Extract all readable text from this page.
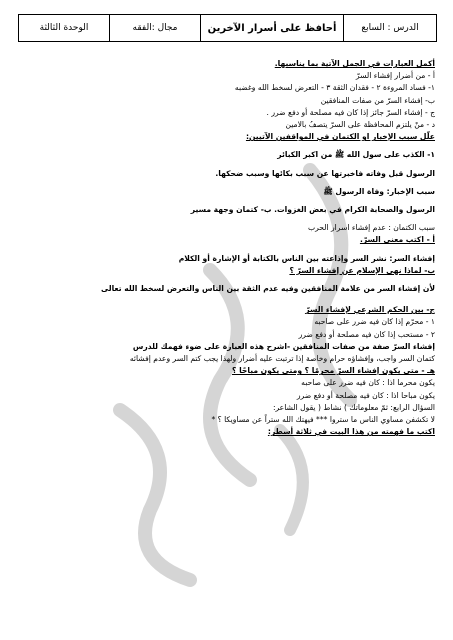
الدرس : السابع
أحافظ على أسرار الآخرين
مجال :الفقه
الوحدة الثالثة
أكمل العبارات في الجمل الآتية بما يناسبها.
أ - من أضرار إفشاء السرّ
١- فساد المروءة ٢ - فقدان الثقة ٣ - التعرض لسخط الله وغضبه
ب- إفشاء السرّ من صفات المنافقين
ج - إفشاء السرّ جائز إذا كان فيه مصلحة أو دفع ضرر .
د - منْ يلتزم المحافظة على السرّ يتصفُ بالامين
علّل سبب الإخبار او الكتمان في المواقفين الآتيين:
١- الكذب على سول الله ﷺ من اكبر الكبائر
الرسول قبل وفاته فاخبرتها عن سبب بكائها وسبب ضحكها.
سبب الإخبار: وفاة الرسول ﷺ
الرسول والصحابة الكرام في بعض الغزوات. ب- كتمان وجهة مسير
سبب الكتمان : عدم إفشاء اسرار الحرب
أ - اكتب معنى السرّ.
إفشاء السر: نشر السر وإذاعته بين الناس بالكتابة أو الإشارة أو الكلام
ب- لماذا نهى الإسلام عن إفشاء السرّ ؟
لأن إفشاء السر من علامة المنافقين وفيه عدم الثقة بين الناس والتعرض لسخط الله تعالى
ج- بين الحكم الشرعي لإفشاء السرّ
١ - محرّم إذا كان فيه ضرر على صاحبه
٢ - مستحب إذا كان فيه مصلحة أو دفع ضرر
إفشاء السرّ صفة من صفات المنافقين -اشرح هذه العبارة على ضوء فهمك للدرس
كتمان السر واجب، وإفشاؤه حرام وخاصة إذا ترتبت عليه أضرار ولهذا يجب كتم السر وعدم إفشائه
هـ - متى يكون إفشاء السرّ محرمًا ؟ ومتى يكون مباحًا ؟
يكون محرما اذا : كان فيه ضرر على صاحبه
يكون مباحا اذا : كان فيه مصلحة أو دفع ضرر
السؤال الرابع: ثمّ معلوماتك ) نشاط ( يقول الشاعر:
لا تكشفن مساوي الناس ما ستروا *** فيهتك الله ستراً عن مساويكا ؟ *
اكتب ما فهمته من هذا البيت في ثلاثة أسطر:
